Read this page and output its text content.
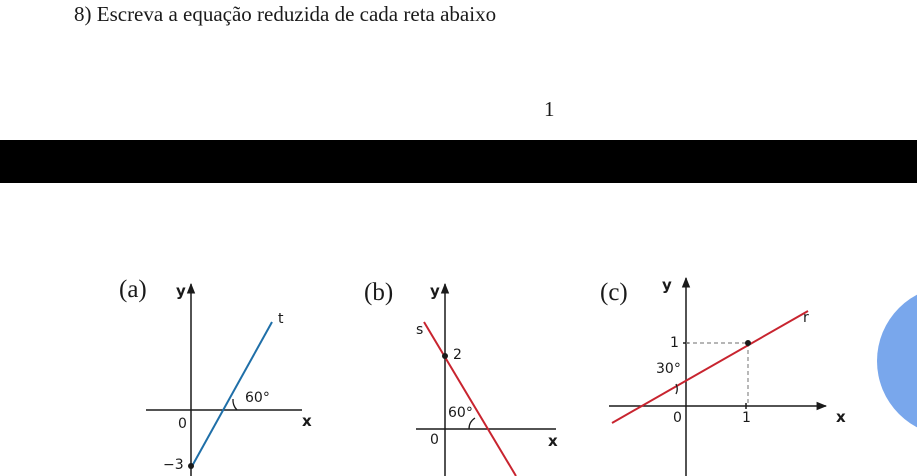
8) Escreva a equação reduzida de cada reta abaixo
1
(a) y
x
0
−3
60°
t
(b) y
x
0
2
60°
s
(c) y
x
0	1
1
30°
r
